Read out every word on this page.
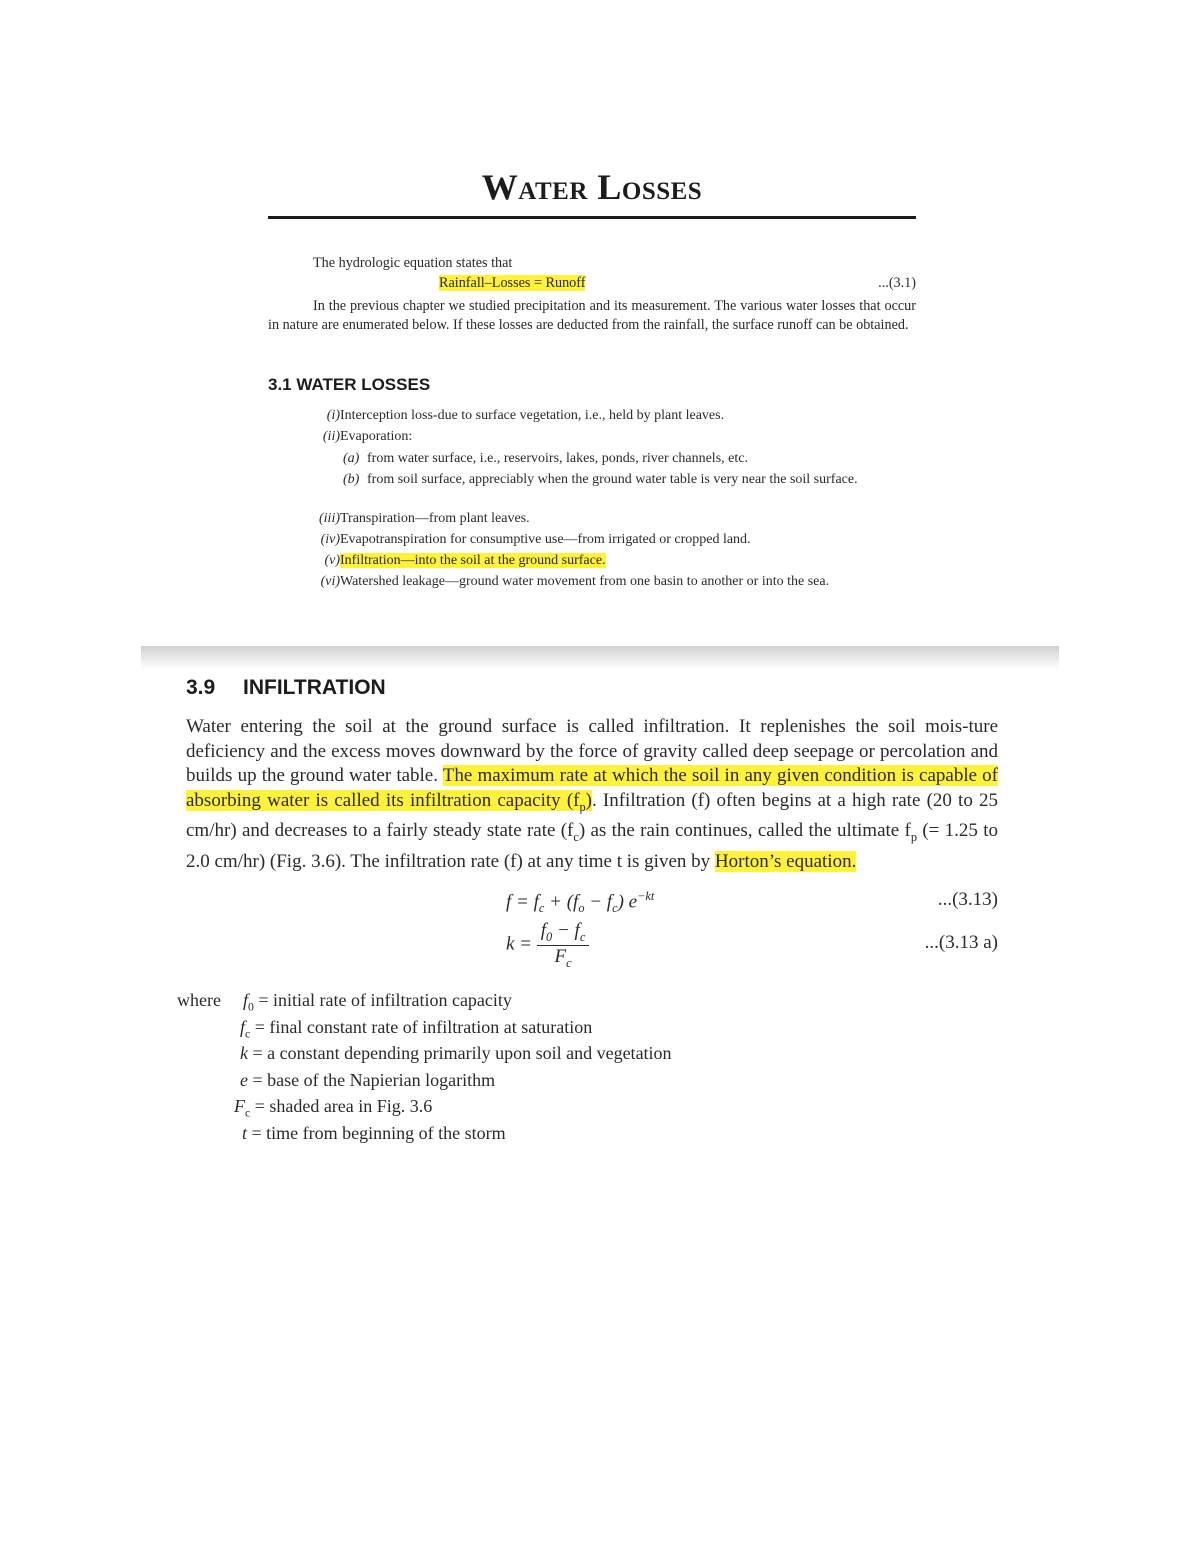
Water Losses
The hydrologic equation states that
Rainfall–Losses = Runoff	...(3.1)
In the previous chapter we studied precipitation and its measurement. The various water losses that occur in nature are enumerated below. If these losses are deducted from the rainfall, the surface runoff can be obtained.
3.1 WATER LOSSES
(i) Interception loss-due to surface vegetation, i.e., held by plant leaves.
(ii) Evaporation:
(a) from water surface, i.e., reservoirs, lakes, ponds, river channels, etc.
(b) from soil surface, appreciably when the ground water table is very near the soil surface.
(iii) Transpiration—from plant leaves.
(iv) Evapotranspiration for consumptive use—from irrigated or cropped land.
(v) Infiltration—into the soil at the ground surface.
(vi) Watershed leakage—ground water movement from one basin to another or into the sea.
3.9 INFILTRATION
Water entering the soil at the ground surface is called infiltration. It replenishes the soil mois-ture deficiency and the excess moves downward by the force of gravity called deep seepage or percolation and builds up the ground water table. The maximum rate at which the soil in any given condition is capable of absorbing water is called its infiltration capacity $(f_p)$. Infiltration (f) often begins at a high rate (20 to 25 cm/hr) and decreases to a fairly steady state rate $(f_c)$ as the rain continues, called the ultimate $f_p$ (= 1.25 to 2.0 cm/hr) (Fig. 3.6). The infiltration rate (f) at any time t is given by Horton’s equation.
$f = f_c + (f_o - f_c)$ $e^{-kt}$	...(3.13)
$k = \frac{f_0 - f_c}{F_c}$	...(3.13 a)
where $f_0$ = initial rate of infiltration capacity
$f_c$ = final constant rate of infiltration at saturation
k = a constant depending primarily upon soil and vegetation
e = base of the Napierian logarithm
$F_c$ = shaded area in Fig. 3.6
t = time from beginning of the storm
